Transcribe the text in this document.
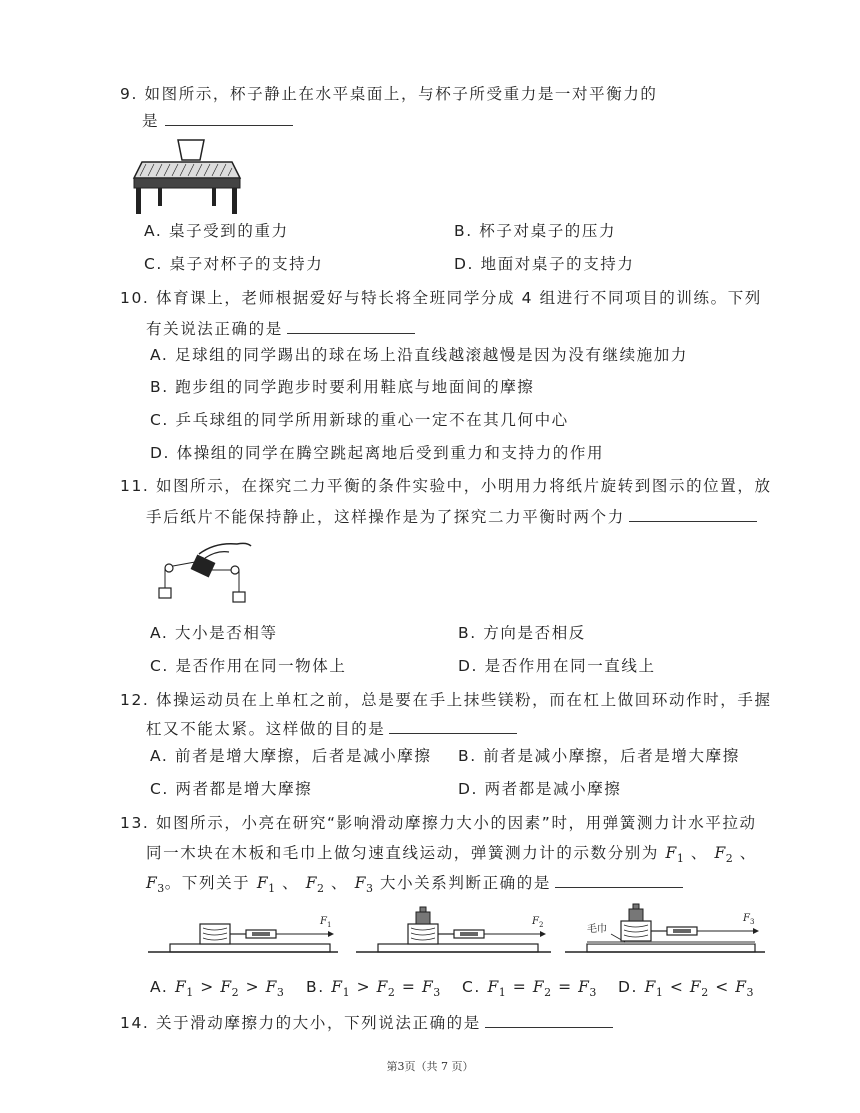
9. 如图所示，杯子静止在水平桌面上，与杯子所受重力是一对平衡力的
是
A. 桌子受到的重力	B. 杯子对桌子的压力
C. 桌子对杯子的支持力	D. 地面对桌子的支持力
10. 体育课上，老师根据爱好与特长将全班同学分成 4 组进行不同项目的训练。下列
有关说法正确的是
A. 足球组的同学踢出的球在场上沿直线越滚越慢是因为没有继续施加力
B. 跑步组的同学跑步时要利用鞋底与地面间的摩擦
C. 乒乓球组的同学所用新球的重心一定不在其几何中心
D. 体操组的同学在腾空跳起离地后受到重力和支持力的作用
11. 如图所示，在探究二力平衡的条件实验中，小明用力将纸片旋转到图示的位置，放
手后纸片不能保持静止，这样操作是为了探究二力平衡时两个力
A. 大小是否相等	B. 方向是否相反
C. 是否作用在同一物体上	D. 是否作用在同一直线上
12. 体操运动员在上单杠之前，总是要在手上抹些镁粉，而在杠上做回环动作时，手握
杠又不能太紧。这样做的目的是
A. 前者是增大摩擦，后者是减小摩擦 B. 前者是减小摩擦，后者是增大摩擦
C. 两者都是增大摩擦	D. 两者都是减小摩擦
13. 如图所示，小亮在研究“影响滑动摩擦力大小的因素”时，用弹簧测力计水平拉动
同一木块在木板和毛巾上做匀速直线运动，弹簧测力计的示数分别为 $F_1$ 、 $F_2$ 、
$F_3$。下列关于 $F_1$ 、 $F_2$ 、 $F_3$ 大小关系判断正确的是
F 1	F 2	毛巾
F 3
A. $F_1 > F_2 > F_3$ B. $F_1 > F_2 = F_3$ C. $F_1 = F_2 = F_3$ D. $F_1 < F_2 < F_3$
14. 关于滑动摩擦力的大小，下列说法正确的是
第3页（共 7 页）
